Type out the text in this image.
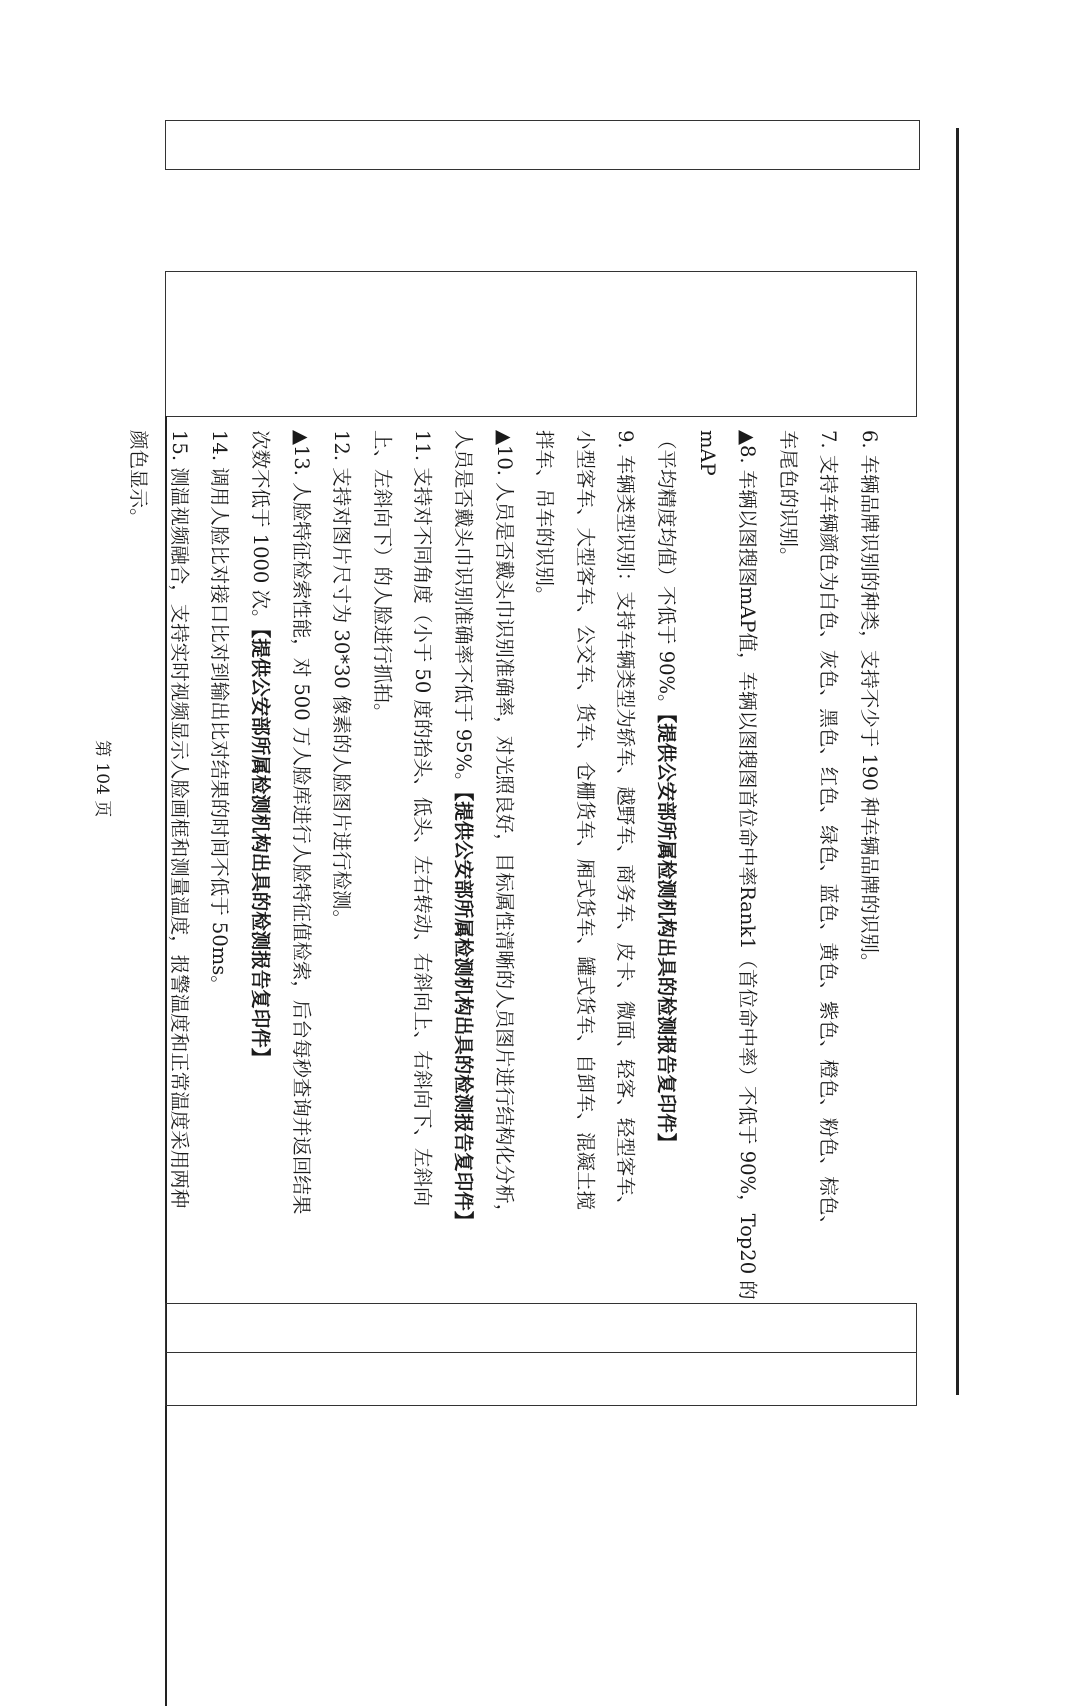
6. 车辆品牌识别的种类，支持不少于 190 种车辆品牌的识别。
7. 支持车辆颜色为白色、灰色、黑色、红色、绿色、蓝色、黄色、紫色、橙色、粉色、棕色、
车尾色的识别。
▲8. 车辆以图搜图mAP值，车辆以图搜图首位命中率Rank1（首位命中率）不低于 90%，Top20 的mAP
（平均精度均值）不低于 90%。【提供公安部所属检测机构出具的检测报告复印件】
9. 车辆类型识别：支持车辆类型为轿车、越野车、商务车、皮卡、微面、轻客、轻型客车、
小型客车、大型客车、公交车、货车、仓栅货车、厢式货车、罐式货车、自卸车、混凝土搅
拌车、吊车的识别。
▲10. 人员是否戴头巾识别准确率，对光照良好，目标属性清晰的人员图片进行结构化分析，
人员是否戴头巾识别准确率不低于 95%。【提供公安部所属检测机构出具的检测报告复印件】
11. 支持对不同角度（小于 50 度的抬头、低头、左右转动、右斜向上、右斜向下、左斜向
上、左斜向下）的人脸进行抓拍。
12. 支持对图片尺寸为 30*30 像素的人脸图片进行检测。
▲13. 人脸特征检索性能，对 500 万人脸库进行人脸特征值检索，后台每秒查询并返回结果
次数不低于 1000 次。【提供公安部所属检测机构出具的检测报告复印件】
14. 调用人脸比对接口比对到输出比对结果的时间不低于 50ms。
15. 测温视频融合，支持实时视频显示人脸画框和测量温度，报警温度和正常温度采用两种
颜色显示。
第 104 页
